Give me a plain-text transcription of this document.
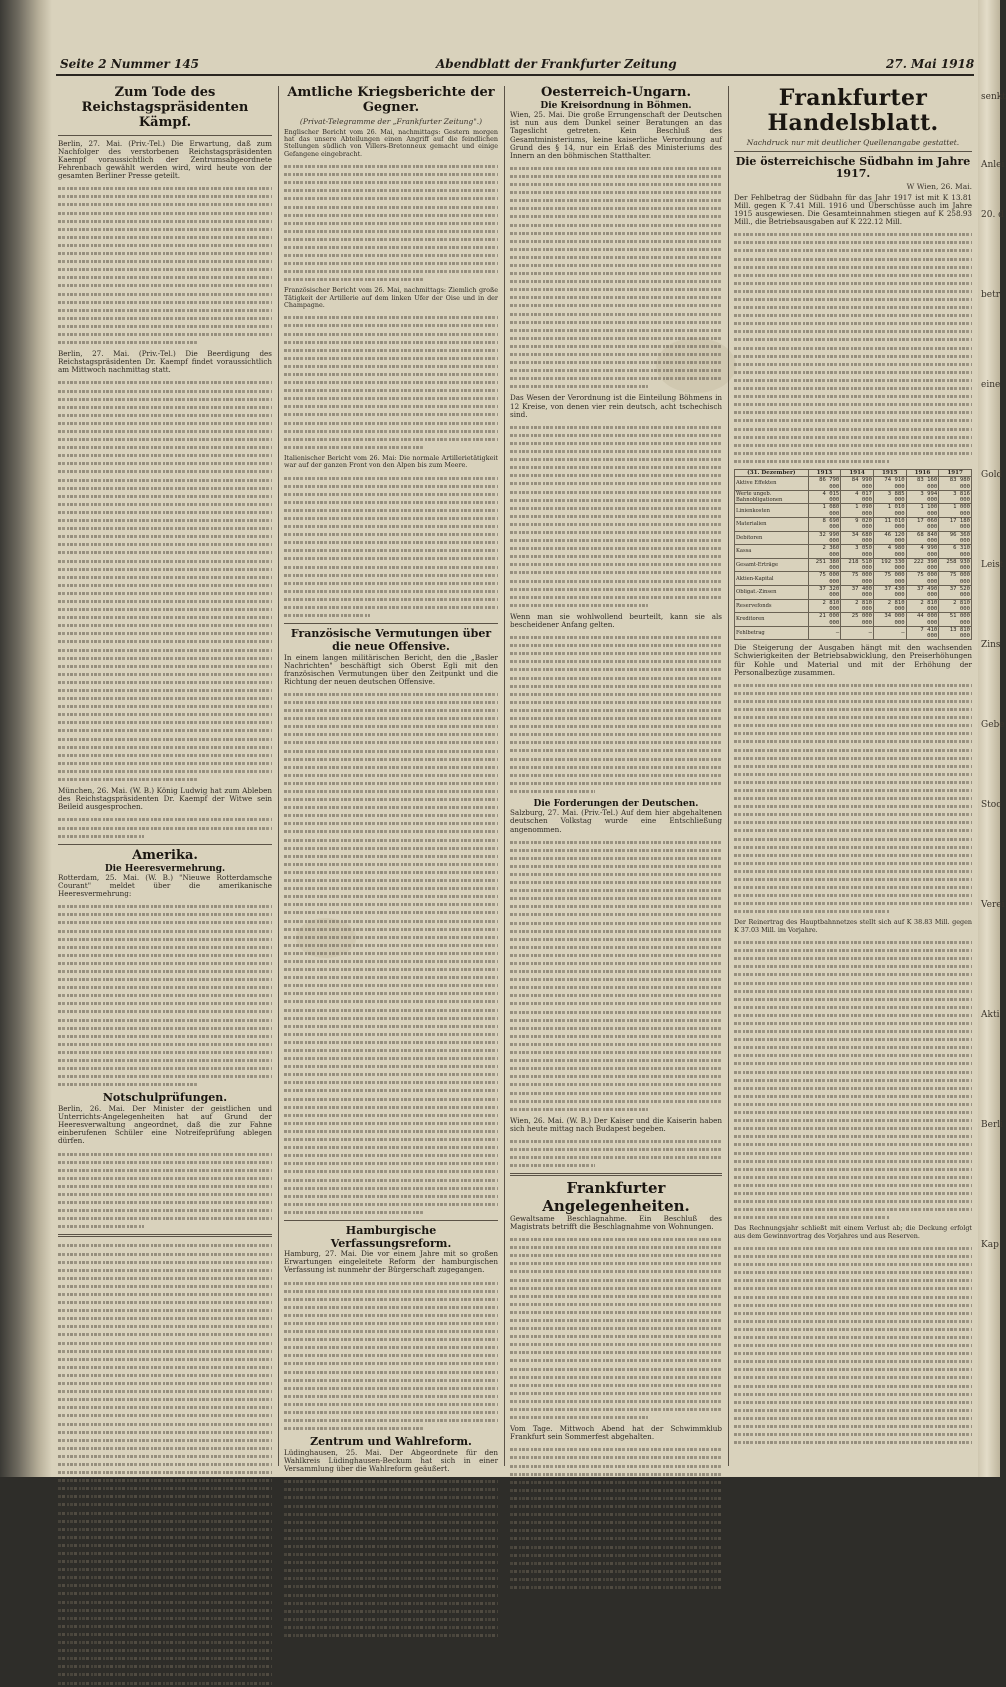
senkt
Anlei
20. d
betr
eine
Gold
Leist
Zins
Gebe
Stoc
Verei
Akti
Berli
Kap
Seite 2 Nummer 145	Abendblatt der Frankfurter Zeitung	27. Mai 1918
Zum Tode des Reichstagspräsidenten Kämpf.
Berlin, 27. Mai. (Priv.-Tel.) Die Erwartung, daß zum Nachfolger des verstorbenen Reichstagspräsidenten Kaempf voraussichtlich der Zentrumsabgeordnete Fehrenbach gewählt werden wird, wird heute von der gesamten Berliner Presse geteilt.
Berlin, 27. Mai. (Priv.-Tel.) Die Beerdigung des Reichstagspräsidenten Dr. Kaempf findet voraussichtlich am Mittwoch nachmittag statt.
München, 26. Mai. (W. B.) König Ludwig hat zum Ableben des Reichstagspräsidenten Dr. Kaempf der Witwe sein Beileid ausgesprochen.
Amerika.
Die Heeresvermehrung.
Rotterdam, 25. Mai. (W. B.) "Nieuwe Rotterdamsche Courant" meldet über die amerikanische Heeresvermehrung:
Notschulprüfungen.
Berlin, 26. Mai. Der Minister der geistlichen und Unterrichts-Angelegenheiten hat auf Grund der Heeresverwaltung angeordnet, daß die zur Fahne einberufenen Schüler eine Notreifeprüfung ablegen dürfen.
Amtliche Kriegsberichte der Gegner.
(Privat-Telegramme der „Frankfurter Zeitung".)
Englischer Bericht vom 26. Mai, nachmittags: Gestern morgen hat das unsere Abteilungen einen Angriff auf die feindlichen Stellungen südlich von Villers-Bretonneux gemacht und einige Gefangene eingebracht.
Französischer Bericht vom 26. Mai, nachmittags: Ziemlich große Tätigkeit der Artillerie auf dem linken Ufer der Oise und in der Champagne.
Italienischer Bericht vom 26. Mai: Die normale Artillerietätigkeit war auf der ganzen Front von den Alpen bis zum Meere.
Französische Vermutungen über die neue Offensive.
In einem langen militärischen Bericht, den die „Basler Nachrichten" beschäftigt sich Oberst Egli mit den französischen Vermutungen über den Zeitpunkt und die Richtung der neuen deutschen Offensive.
Hamburgische Verfassungsreform.
Hamburg, 27. Mai. Die vor einem Jahre mit so großen Erwartungen eingeleitete Reform der hamburgischen Verfassung ist nunmehr der Bürgerschaft zugegangen.
Zentrum und Wahlreform.
Lüdinghausen, 25. Mai. Der Abgeordnete für den Wahlkreis Lüdinghausen-Beckum hat sich in einer Versammlung über die Wahlreform geäußert.
Oesterreich-Ungarn.
Die Kreisordnung in Böhmen.
Wien, 25. Mai. Die große Errungenschaft der Deutschen ist nun aus dem Dunkel seiner Beratungen an das Tageslicht getreten. Kein Beschluß des Gesamtministeriums, keine kaiserliche Verordnung auf Grund des § 14, nur ein Erlaß des Ministeriums des Innern an den böhmischen Statthalter.
Das Wesen der Verordnung ist die Einteilung Böhmens in 12 Kreise, von denen vier rein deutsch, acht tschechisch sind.
Wenn man sie wohlwollend beurteilt, kann sie als bescheidener Anfang gelten.
Die Forderungen der Deutschen.
Salzburg, 27. Mai. (Priv.-Tel.) Auf dem hier abgehaltenen deutschen Volkstag wurde eine Entschließung angenommen.
Wien, 26. Mai. (W. B.) Der Kaiser und die Kaiserin haben sich heute mittag nach Budapest begeben.
Frankfurter Angelegenheiten.
Gewaltsame Beschlagnahme. Ein Beschluß des Magistrats betrifft die Beschlagnahme von Wohnungen.
Vom Tage. Mittwoch Abend hat der Schwimmklub Frankfurt sein Sommerfest abgehalten.
Frankfurter Handelsblatt.
Nachdruck nur mit deutlicher Quellenangabe gestattet.
Die österreichische Südbahn im Jahre 1917.
W Wien, 26. Mai.
Der Fehlbetrag der Südbahn für das Jahr 1917 ist mit K 13.81 Mill. gegen K 7.41 Mill. 1916 und Überschüsse auch im Jahre 1915 ausgewiesen. Die Gesamteinnahmen stiegen auf K 258.93 Mill., die Betriebsausgaben auf K 222.12 Mill.
(31. Dezember)	1913	1914	1915	1916	1917
Aktive Effekten	86 790 000	84 990 000	74 910 000	83 160 000	83 980 000
Werte ungeb. Bahnobligationen	4 015 000	4 017 000	3 885 000	3 994 000	3 816 000
Linienkosten	1 080 000	1 090 000	1 010 000	1 100 000	1 000 000
Materialien	8 690 000	9 020 000	11 010 000	17 060 000	17 180 000
Debitoren	32 990 000	34 680 000	46 120 000	68 840 000	96 360 000
Kassa	2 360 000	3 050 000	4 980 000	4 990 000	6 310 000
Gesamt-Erträge	251 380 000	218 510 000	192 330 000	222 390 000	258 930 000
Aktien-Kapital	75 000 000	75 000 000	75 000 000	75 000 000	75 000 000
Obligat.-Zinsen	37 320 000	37 400 000	37 430 000	37 490 000	37 520 000
Reservefonds	2 810 000	2 810 000	2 810 000	2 810 000	2 810 000
Kreditoren	21 000 000	25 000 000	34 000 000	44 000 000	51 000 000
Fehlbetrag	—	—	—	7 410 000	13 810 000
Die Steigerung der Ausgaben hängt mit den wachsenden Schwierigkeiten der Betriebsabwicklung, den Preiserhöhungen für Kohle und Material und mit der Erhöhung der Personalbezüge zusammen.
Der Reinertrag des Hauptbahnnetzes stellt sich auf K 38.83 Mill. gegen K 37.03 Mill. im Vorjahre.
Das Rechnungsjahr schließt mit einem Verlust ab; die Deckung erfolgt aus dem Gewinnvortrag des Vorjahres und aus Reserven.
